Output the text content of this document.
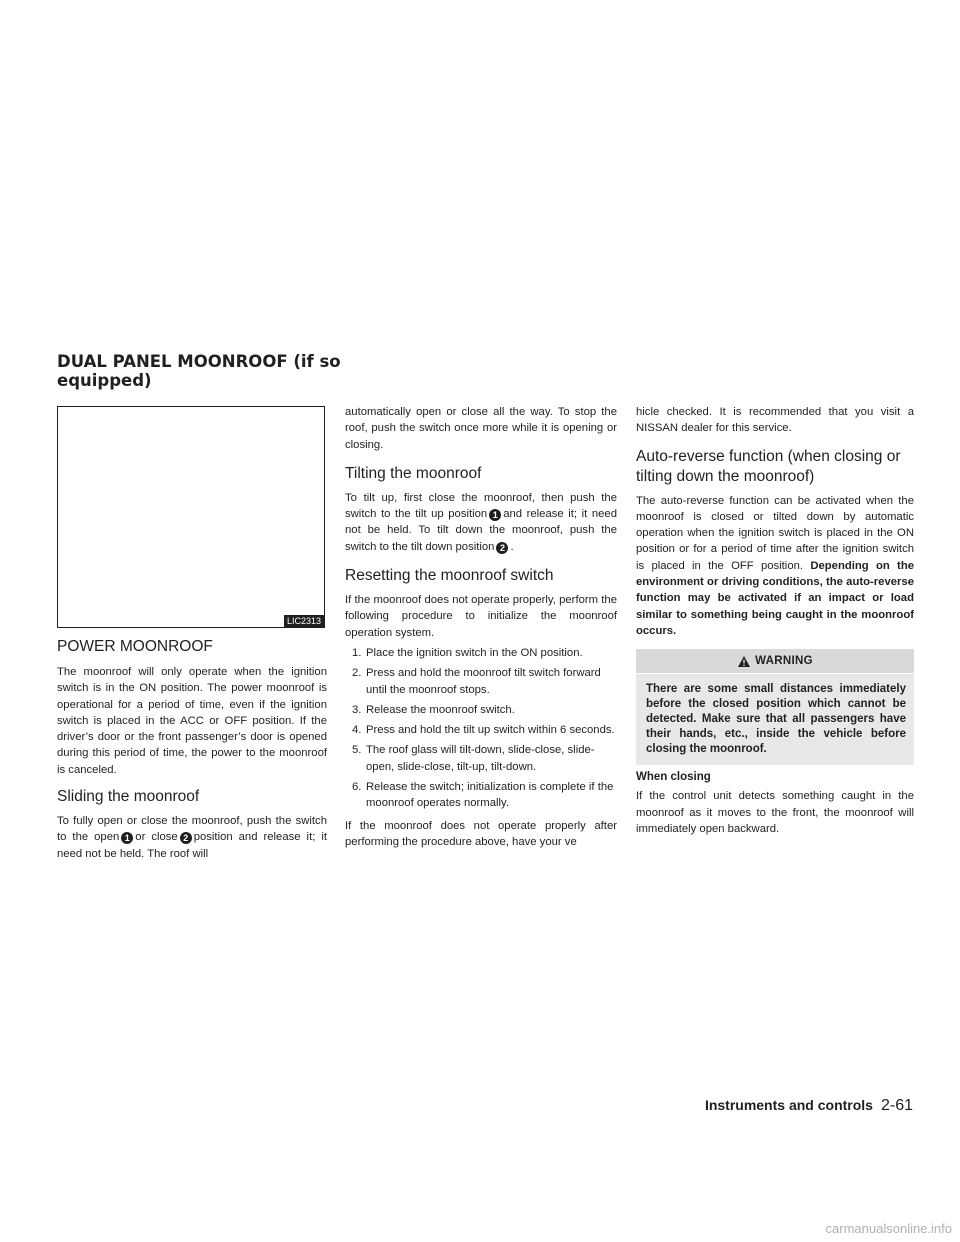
DUAL PANEL MOONROOF (if so equipped)
LIC2313
POWER MOONROOF

The moonroof will only operate when the ignition switch is in the ON position. The power moonroof is operational for a period of time, even if the ignition switch is placed in the ACC or OFF position. If the driver’s door or the front passenger’s door is opened during this period of time, the power to the moonroof is canceled.

Sliding the moonroof

To fully open or close the moonroof, push the switch to the open 1 or close 2 position and release it; it need not be held. The roof will

automatically open or close all the way. To stop the roof, push the switch once more while it is opening or closing.

Tilting the moonroof

To tilt up, first close the moonroof, then push the switch to the tilt up position 1 and release it; it need not be held. To tilt down the moonroof, push the switch to the tilt down position 2 .

Resetting the moonroof switch

If the moonroof does not operate properly, perform the following procedure to initialize the moonroof operation system.

1. Place the ignition switch in the ON position.
2. Press and hold the moonroof tilt switch forward until the moonroof stops.
3. Release the moonroof switch.
4. Press and hold the tilt up switch within 6 seconds.
5. The roof glass will tilt-down, slide-close, slide-open, slide-close, tilt-up, tilt-down.
6. Release the switch; initialization is complete if the moonroof operates normally.

If the moonroof does not operate properly after performing the procedure above, have your ve

hicle checked. It is recommended that you visit a NISSAN dealer for this service.

Auto-reverse function (when closing or tilting down the moonroof)

The auto-reverse function can be activated when the moonroof is closed or tilted down by automatic operation when the ignition switch is placed in the ON position or for a period of time after the ignition switch is placed in the OFF position. Depending on the environment or driving conditions, the auto-reverse function may be activated if an impact or load similar to something being caught in the moonroof occurs.

WARNING
There are some small distances immediately before the closed position which cannot be detected. Make sure that all passengers have their hands, etc., inside the vehicle before closing the moonroof.
When closing

If the control unit detects something caught in the moonroof as it moves to the front, the moonroof will immediately open backward.

Instruments and controls 2-61
carmanualsonline.info
